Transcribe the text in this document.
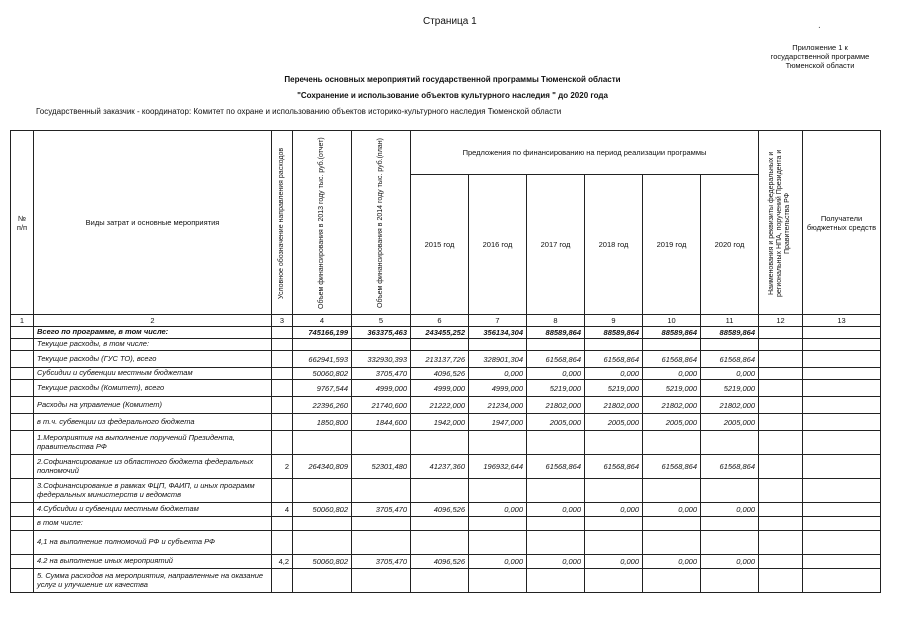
Страница 1	.
Приложение 1 к
государственной программе
Тюменской области
Перечень основных мероприятий государственной программы Тюменской области
"Сохранение и использование объектов культурного наследия " до 2020 года
Государственный заказчик - координатор: Комитет по охране и использованию объектов историко-культурного наследия Тюменской области
№ п/п	Виды затрат и основные мероприятия	Условное обозначение направления расходов	Объем финансирования в 2013 году тыс. руб.(отчет)	Объем финансирования в 2014 году тыс. руб.(план)	Предложения по финансированию на период реализации программы						Наименования и реквизиты федеральных и региональных НПА, поручений Президента и Правительства РФ	Получатели бюджетных средств
					2015 год	2016 год	2017 год	2018 год	2019 год	2020 год		
1	2	3	4	5	6	7	8	9	10	11	12	13
	Всего по программе, в том числе:		745166,199	363375,463	243455,252	356134,304	88589,864	88589,864	88589,864	88589,864		
	Текущие расходы, в том числе:											
	Текущие расходы (ГУС ТО), всего		662941,593	332930,393	213137,726	328901,304	61568,864	61568,864	61568,864	61568,864		
	Субсидии и субвенции местным бюджетам		50060,802	3705,470	4096,526	0,000	0,000	0,000	0,000	0,000		
	Текущие расходы (Комитет), всего		9767,544	4999,000	4999,000	4999,000	5219,000	5219,000	5219,000	5219,000		
	Расходы на управление (Комитет)		22396,260	21740,600	21222,000	21234,000	21802,000	21802,000	21802,000	21802,000		
	в т.ч. субвенции из федерального бюджета		1850,800	1844,600	1942,000	1947,000	2005,000	2005,000	2005,000	2005,000		
	1.Мероприятия на выполнение поручений Президента, правительства РФ											
	2.Софинансирование из областного бюджета федеральных полномочий	2	264340,809	52301,480	41237,360	196932,644	61568,864	61568,864	61568,864	61568,864		
	3.Софинансирование в рамках ФЦП, ФАИП, и иных программ федеральных министерств и ведомств											
	4.Субсидии и субвенции местным бюджетам	4	50060,802	3705,470	4096,526	0,000	0,000	0,000	0,000	0,000		
	в том числе:											
	4,1 на выполнение полномочий РФ и субъекта РФ											
	4.2 на выполнение иных мероприятий	4,2	50060,802	3705,470	4096,526	0,000	0,000	0,000	0,000	0,000		
	5. Сумма расходов на мероприятия, направленные на оказание услуг и улучшение их качества											
